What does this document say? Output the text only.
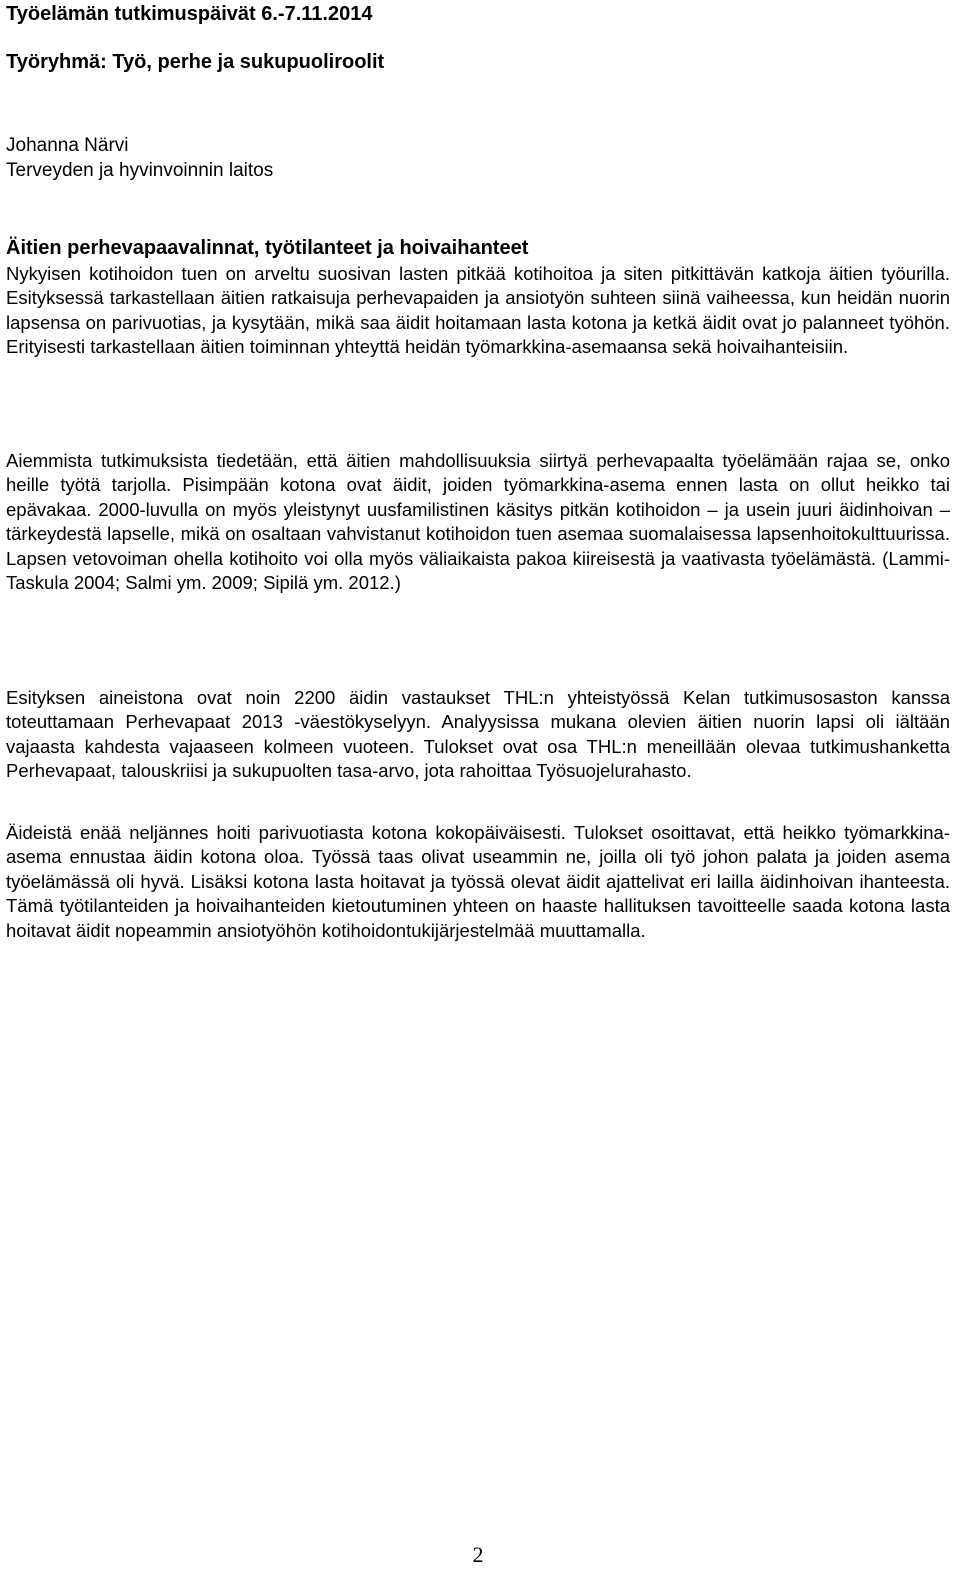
Työelämän tutkimuspäivät 6.-7.11.2014
Työryhmä: Työ, perhe ja sukupuoliroolit
Johanna Närvi
Terveyden ja hyvinvoinnin laitos
Äitien perhevapaavalinnat, työtilanteet ja hoivaihanteet
Nykyisen kotihoidon tuen on arveltu suosivan lasten pitkää kotihoitoa ja siten pitkittävän katkoja äitien työurilla. Esityksessä tarkastellaan äitien ratkaisuja perhevapaiden ja ansiotyön suhteen siinä vaiheessa, kun heidän nuorin lapsensa on parivuotias, ja kysytään, mikä saa äidit hoitamaan lasta kotona ja ketkä äidit ovat jo palanneet työhön. Erityisesti tarkastellaan äitien toiminnan yhteyttä heidän työmarkkina-asemaansa sekä hoivaihanteisiin.
Aiemmista tutkimuksista tiedetään, että äitien mahdollisuuksia siirtyä perhevapaalta työelämään rajaa se, onko heille työtä tarjolla. Pisimpään kotona ovat äidit, joiden työmarkkina-asema ennen lasta on ollut heikko tai epävakaa. 2000-luvulla on myös yleistynyt uusfamilistinen käsitys pitkän kotihoidon – ja usein juuri äidinhoivan – tärkeydestä lapselle, mikä on osaltaan vahvistanut kotihoidon tuen asemaa suomalaisessa lapsenhoitokulttuurissa. Lapsen vetovoiman ohella kotihoito voi olla myös väliaikaista pakoa kiireisestä ja vaativasta työelämästä. (Lammi-Taskula 2004; Salmi ym. 2009; Sipilä ym. 2012.)
Esityksen aineistona ovat noin 2200 äidin vastaukset THL:n yhteistyössä Kelan tutkimusosaston kanssa toteuttamaan Perhevapaat 2013 -väestökyselyyn. Analyysissa mukana olevien äitien nuorin lapsi oli iältään vajaasta kahdesta vajaaseen kolmeen vuoteen. Tulokset ovat osa THL:n meneillään olevaa tutkimushanketta Perhevapaat, talouskriisi ja sukupuolten tasa-arvo, jota rahoittaa Työsuojelurahasto.
Äideistä enää neljännes hoiti parivuotiasta kotona kokopäiväisesti. Tulokset osoittavat, että heikko työmarkkina-asema ennustaa äidin kotona oloa. Työssä taas olivat useammin ne, joilla oli työ johon palata ja joiden asema työelämässä oli hyvä. Lisäksi kotona lasta hoitavat ja työssä olevat äidit ajattelivat eri lailla äidinhoivan ihanteesta. Tämä työtilanteiden ja hoivaihanteiden kietoutuminen yhteen on haaste hallituksen tavoitteelle saada kotona lasta hoitavat äidit nopeammin ansiotyöhön kotihoidontukijärjestelmää muuttamalla.
2
